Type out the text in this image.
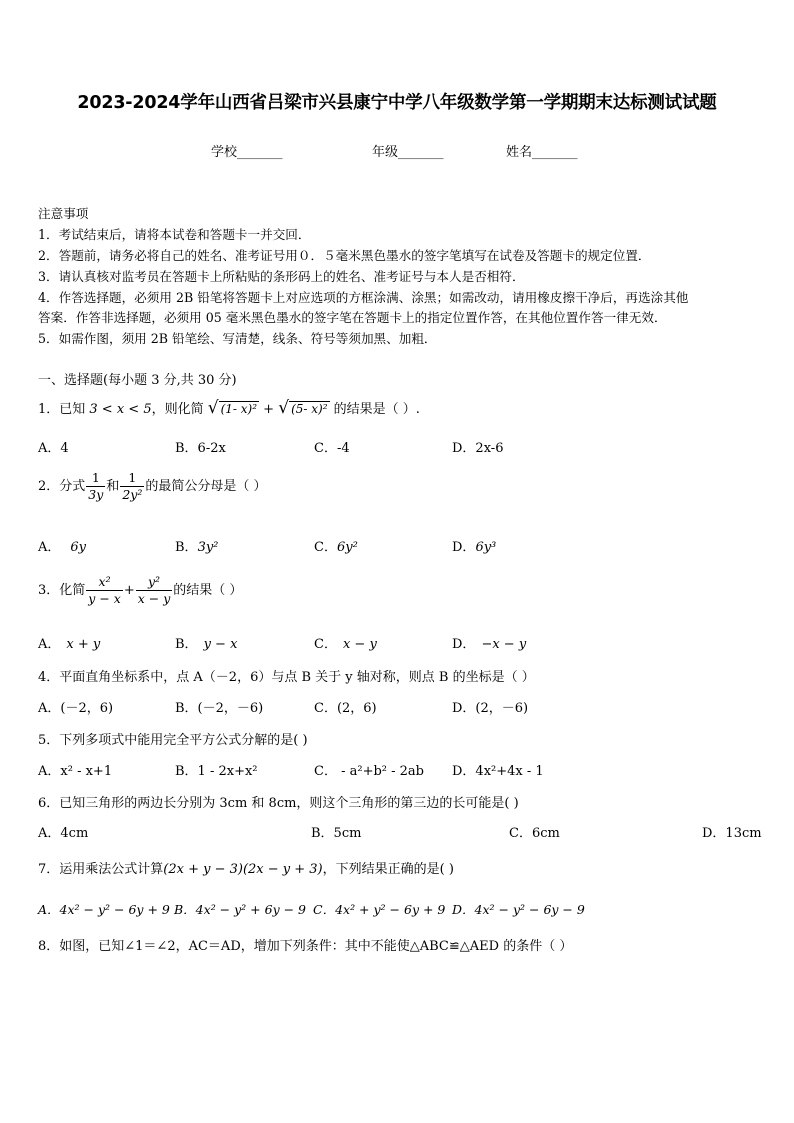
2023-2024学年山西省吕梁市兴县康宁中学八年级数学第一学期期末达标测试试题
学校_______	年级_______	姓名_______
注意事项
1．考试结束后，请将本试卷和答题卡一并交回．
2．答题前，请务必将自己的姓名、准考证号用０．５毫米黑色墨水的签字笔填写在试卷及答题卡的规定位置．
3．请认真核对监考员在答题卡上所粘贴的条形码上的姓名、准考证号与本人是否相符．
4．作答选择题，必须用 2B 铅笔将答题卡上对应选项的方框涂满、涂黑；如需改动，请用橡皮擦干净后，再选涂其他
答案．作答非选择题，必须用 05 毫米黑色墨水的签字笔在答题卡上的指定位置作答，在其他位置作答一律无效．
5．如需作图，须用 2B 铅笔绘、写清楚，线条、符号等须加黑、加粗．
一、选择题(每小题 3 分,共 30 分)
1．已知 3 < x < 5，则化简 √ (1- x)² + √ (5- x)² 的结果是（ ）.
A．4	B．6-2x	C．-4	D．2x-6
2．分式 $\frac{1}{3y}$ 和 $\frac{1}{\text{2y²}}$ 的最简公分母是（ ）
A． 6y	B．3y²	C．6y²	D．6y³
3．化简 $\frac{\text{x²}}{y - x} + \frac{\text{y²}}{x - y}$ 的结果（ ）
A． x + y	B． y − x	C． x − y	D． −x − y
4．平面直角坐标系中，点 A（－2，6）与点 B 关于 y 轴对称，则点 B 的坐标是（ ）
A．(－2，6)	B．(－2，－6)	C．(2，6)	D．(2，－6)
5．下列多项式中能用完全平方公式分解的是( )
A．x² - x+1	B．1 - 2x+x²	C． - a²+b² - 2ab D．4x²+4x - 1
6．已知三角形的两边长分别为 3cm 和 8cm，则这个三角形的第三边的长可能是( )
A．4cm	B．5cm	C．6cm	D．13cm
7．运用乘法公式计算(2x + y − 3)(2x − y + 3)，下列结果正确的是( )
A．4x² − y² − 6y + 9 B．4x² − y² + 6y − 9 C．4x² + y² − 6y + 9 D．4x² − y² − 6y − 9
8．如图，已知∠1＝∠2，AC＝AD，增加下列条件：其中不能使△ABC≌△AED 的条件（ ）
